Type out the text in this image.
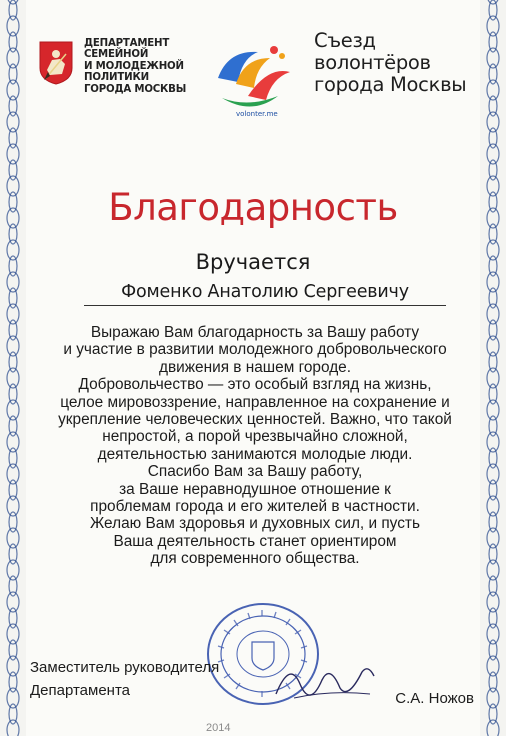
ДЕПАРТАМЕНТ
СЕМЕЙНОЙ
И МОЛОДЕЖНОЙ
ПОЛИТИКИ
ГОРОДА МОСКВЫ
volonter.me
Съезд
волонтёров
города Москвы
Благодарность
Вручается
Фоменко Анатолию Сергеевичу
Выражаю Вам благодарность за Вашу работу
и участие в развитии молодежного добровольческого
движения в нашем городе.
Добровольчество — это особый взгляд на жизнь,
целое мировоззрение, направленное на сохранение и
укрепление человеческих ценностей. Важно, что такой
непростой, а порой чрезвычайно сложной,
деятельностью занимаются молодые люди.
Спасибо Вам за Вашу работу,
за Ваше неравнодушное отношение к
проблемам города и его жителей в частности.
Желаю Вам здоровья и духовных сил, и пусть
Ваша деятельность станет ориентиром
для современного общества.
Заместитель руководителя
Департамента	С.А. Ножов
2014
